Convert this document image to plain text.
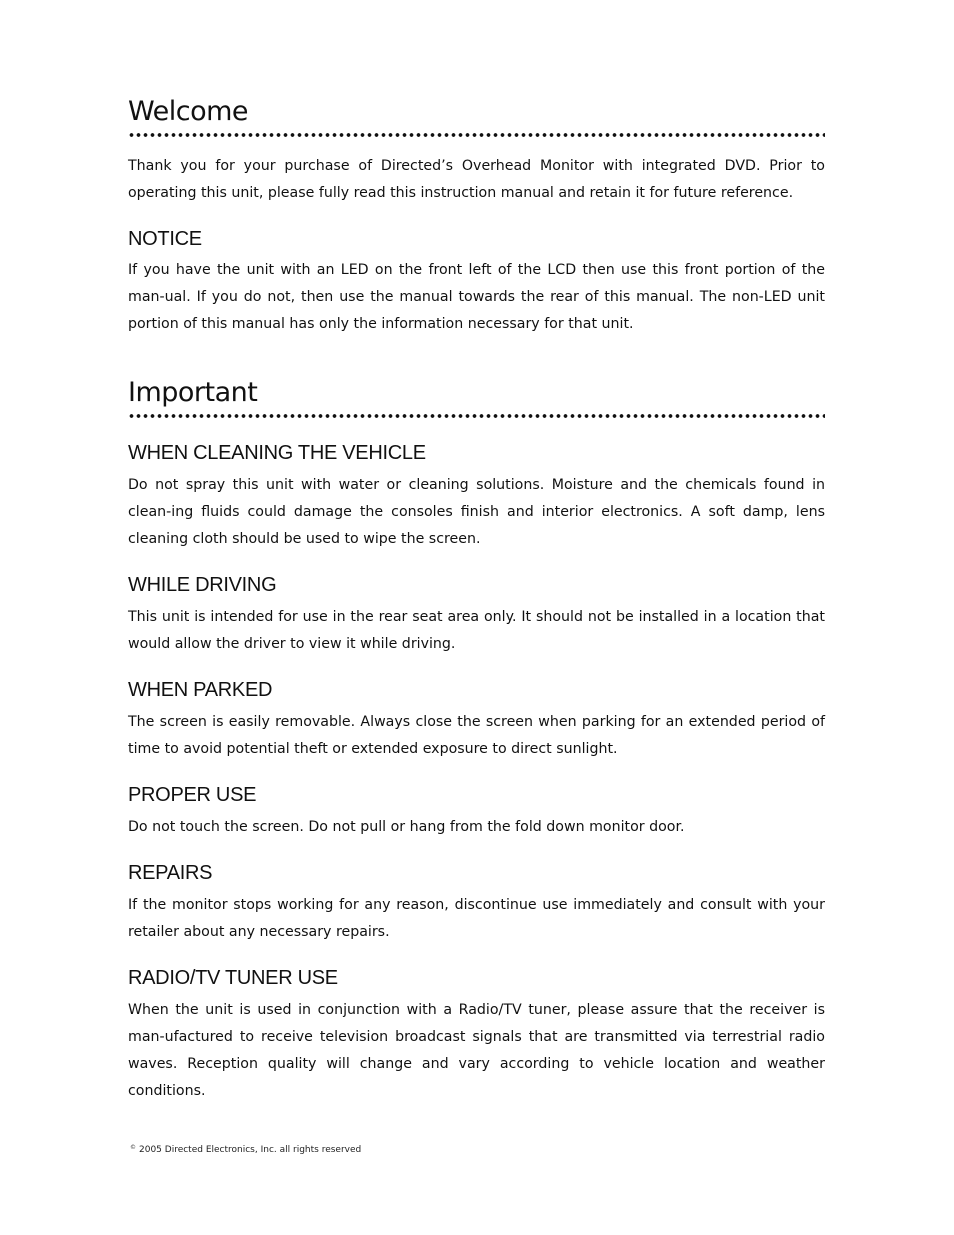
Welcome

Thank you for your purchase of Directed’s Overhead Monitor with integrated DVD. Prior to operating this unit, please fully read this instruction manual and retain it for future reference.

NOTICE

If you have the unit with an LED on the front left of the LCD then use this front portion of the man-ual. If you do not, then use the manual towards the rear of this manual. The non-LED unit portion of this manual has only the information necessary for that unit.

Important
WHEN CLEANING THE VEHICLE

Do not spray this unit with water or cleaning solutions. Moisture and the chemicals found in clean-ing fluids could damage the consoles finish and interior electronics. A soft damp, lens cleaning cloth should be used to wipe the screen.

WHILE DRIVING

This unit is intended for use in the rear seat area only. It should not be installed in a location that would allow the driver to view it while driving.

WHEN PARKED

The screen is easily removable. Always close the screen when parking for an extended period of time to avoid potential theft or extended exposure to direct sunlight.

PROPER USE

Do not touch the screen. Do not pull or hang from the fold down monitor door.

REPAIRS

If the monitor stops working for any reason, discontinue use immediately and consult with your retailer about any necessary repairs.

RADIO/TV TUNER USE

When the unit is used in conjunction with a Radio/TV tuner, please assure that the receiver is man-ufactured to receive television broadcast signals that are transmitted via terrestrial radio waves. Reception quality will change and vary according to vehicle location and weather conditions.

© 2005 Directed Electronics, Inc. all rights reserved
